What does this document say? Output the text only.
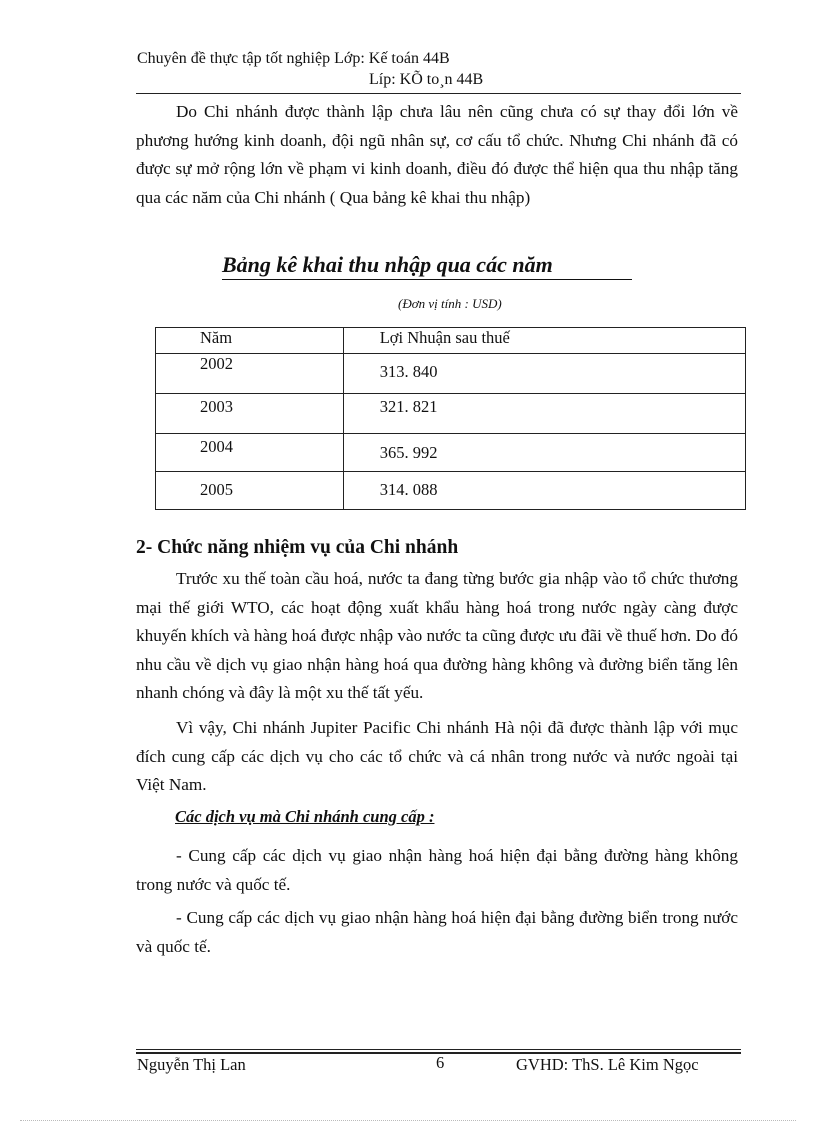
Chuyên đề thực tập tốt nghiệp Lớp: Kế toán 44B
Líp: KÕ to¸n 44B

Do Chi nhánh được thành lập chưa lâu nên cũng chưa có sự thay đổi lớn về phương hướng kinh doanh, đội ngũ nhân sự, cơ cấu tổ chức. Nhưng Chi nhánh đã có được sự mở rộng lớn về phạm vi kinh doanh, điều đó được thể hiện qua thu nhập tăng qua các năm của Chi nhánh ( Qua bảng kê khai thu nhập)

Bảng kê khai thu nhập qua các năm
(Đơn vị tính : USD)
Năm	Lợi Nhuận sau thuế
2002	313. 840
2003	321. 821
2004	365. 992
2005	314. 088
2- Chức năng nhiệm vụ của Chi nhánh

Trước xu thế toàn cầu hoá, nước ta đang từng bước gia nhập vào tổ chức thương mại thế giới WTO, các hoạt động xuất khẩu hàng hoá trong nước ngày càng được khuyến khích và hàng hoá được nhập vào nước ta cũng được ưu đãi về thuế hơn. Do đó nhu cầu về dịch vụ giao nhận hàng hoá qua đường hàng không và đường biển tăng lên nhanh chóng và đây là một xu thế tất yếu.

Vì vậy, Chi nhánh Jupiter Pacific Chi nhánh Hà nội đã được thành lập với mục đích cung cấp các dịch vụ cho các tổ chức và cá nhân trong nước và nước ngoài tại Việt Nam.

Các dịch vụ mà Chi nhánh cung cấp :

- Cung cấp các dịch vụ giao nhận hàng hoá hiện đại bằng đường hàng không trong nước và quốc tế.

- Cung cấp các dịch vụ giao nhận hàng hoá hiện đại bằng đường biển trong nước và quốc tế.

Nguyễn Thị Lan	6	GVHD: ThS. Lê Kim Ngọc
